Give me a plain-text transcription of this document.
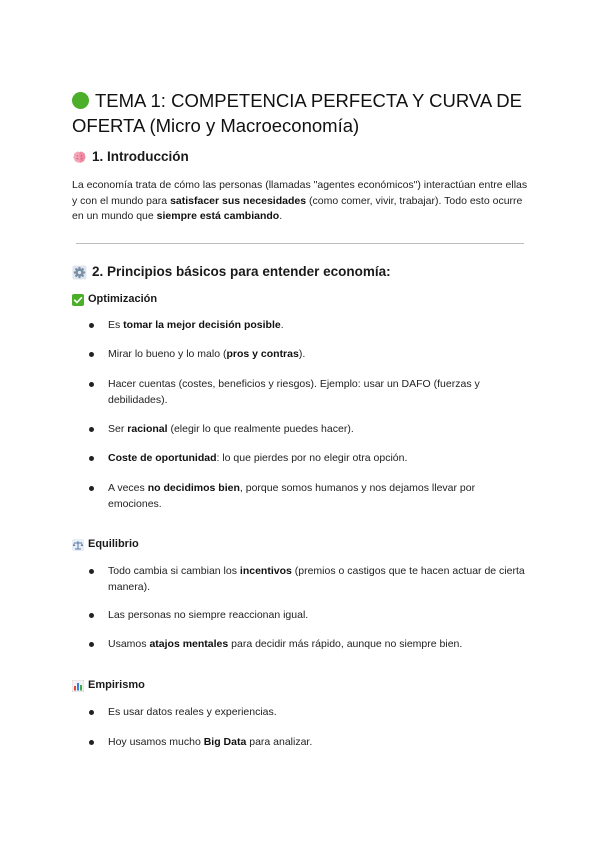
TEMA 1: COMPETENCIA PERFECTA Y CURVA DE
OFERTA (Micro y Macroeconomía)
1. Introducción

La economía trata de cómo las personas (llamadas "agentes económicos") interactúan entre ellas y con el mundo para satisfacer sus necesidades (como comer, vivir, trabajar). Todo esto ocurre en un mundo que siempre está cambiando.

2. Principios básicos para entender economía:
Optimización
Es tomar la mejor decisión posible.
Mirar lo bueno y lo malo (pros y contras).
Hacer cuentas (costes, beneficios y riesgos). Ejemplo: usar un DAFO (fuerzas y debilidades).
Ser racional (elegir lo que realmente puedes hacer).
Coste de oportunidad: lo que pierdes por no elegir otra opción.
A veces no decidimos bien, porque somos humanos y nos dejamos llevar por emociones.
Equilibrio
Todo cambia si cambian los incentivos (premios o castigos que te hacen actuar de cierta manera).
Las personas no siempre reaccionan igual.
Usamos atajos mentales para decidir más rápido, aunque no siempre bien.
Empirismo
Es usar datos reales y experiencias.
Hoy usamos mucho Big Data para analizar.
